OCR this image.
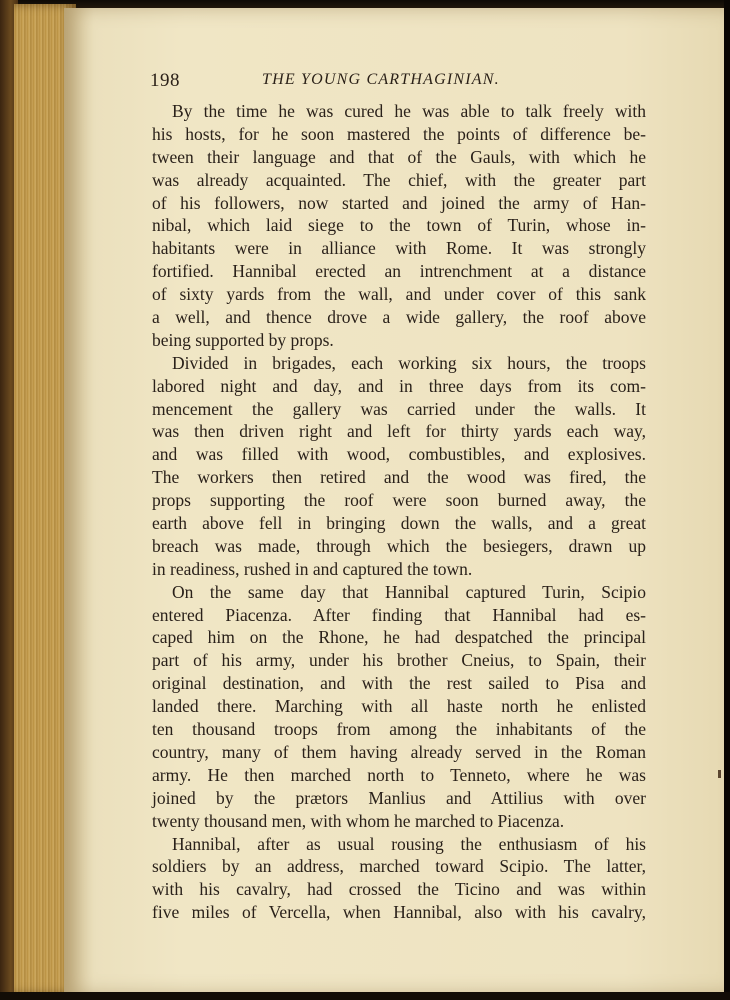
198	THE YOUNG CARTHAGINIAN.
By the time he was cured he was able to talk freely with
his hosts, for he soon mastered the points of difference be-
tween their language and that of the Gauls, with which he
was already acquainted. The chief, with the greater part
of his followers, now started and joined the army of Han-
nibal, which laid siege to the town of Turin, whose in-
habitants were in alliance with Rome. It was strongly
fortified. Hannibal erected an intrenchment at a distance
of sixty yards from the wall, and under cover of this sank
a well, and thence drove a wide gallery, the roof above
being supported by props.
Divided in brigades, each working six hours, the troops
labored night and day, and in three days from its com-
mencement the gallery was carried under the walls. It
was then driven right and left for thirty yards each way,
and was filled with wood, combustibles, and explosives.
The workers then retired and the wood was fired, the
props supporting the roof were soon burned away, the
earth above fell in bringing down the walls, and a great
breach was made, through which the besiegers, drawn up
in readiness, rushed in and captured the town.
On the same day that Hannibal captured Turin, Scipio
entered Piacenza. After finding that Hannibal had es-
caped him on the Rhone, he had despatched the principal
part of his army, under his brother Cneius, to Spain, their
original destination, and with the rest sailed to Pisa and
landed there. Marching with all haste north he enlisted
ten thousand troops from among the inhabitants of the
country, many of them having already served in the Roman
army. He then marched north to Tenneto, where he was
joined by the prætors Manlius and Attilius with over
twenty thousand men, with whom he marched to Piacenza.
Hannibal, after as usual rousing the enthusiasm of his
soldiers by an address, marched toward Scipio. The latter,
with his cavalry, had crossed the Ticino and was within
five miles of Vercella, when Hannibal, also with his cavalry,
